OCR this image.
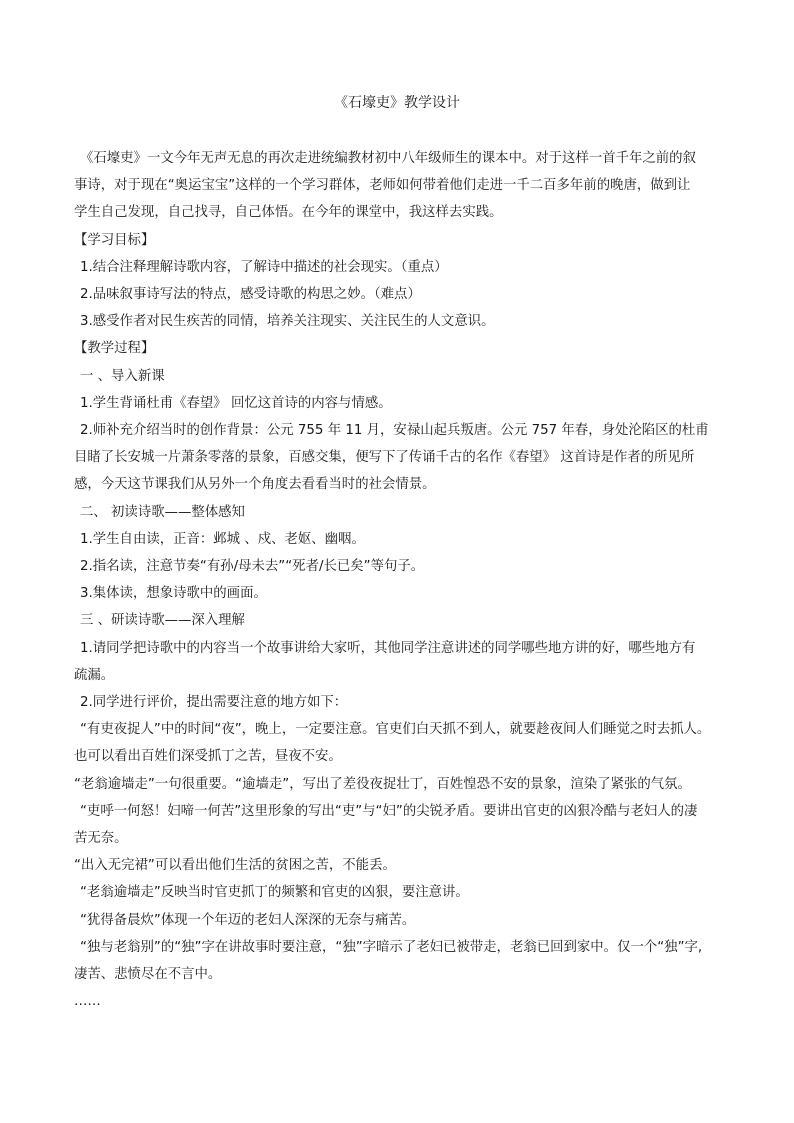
《石壕吏》教学设计

《石壕吏》一文今年无声无息的再次走进统编教材初中八年级师生的课本中。对于这样一首千年之前的叙

事诗，对于现在“奥运宝宝”这样的一个学习群体，老师如何带着他们走进一千二百多年前的晚唐，做到让

学生自己发现，自己找寻，自己体悟。在今年的课堂中，我这样去实践。

【学习目标】

1.结合注释理解诗歌内容，了解诗中描述的社会现实。（重点）

2.品味叙事诗写法的特点，感受诗歌的构思之妙。（难点）

3.感受作者对民生疾苦的同情，培养关注现实、关注民生的人文意识。

【教学过程】

一 、导入新课

1.学生背诵杜甫《春望》 回忆这首诗的内容与情感。

2.师补充介绍当时的创作背景：公元 755 年 11 月，安禄山起兵叛唐。公元 757 年春，身处沦陷区的杜甫

目睹了长安城一片萧条零落的景象，百感交集，便写下了传诵千古的名作《春望》 这首诗是作者的所见所

感，今天这节课我们从另外一个角度去看看当时的社会情景。

二、 初读诗歌——整体感知

1.学生自由读，正音：邺城 、戍、老妪、幽咽。

2.指名读，注意节奏“有孙/母未去”“死者/长已矣”等句子。

3.集体读，想象诗歌中的画面。

三 、研读诗歌——深入理解

1.请同学把诗歌中的内容当一个故事讲给大家听，其他同学注意讲述的同学哪些地方讲的好，哪些地方有

疏漏。

2.同学进行评价，提出需要注意的地方如下：

“有吏夜捉人”中的时间“夜”，晚上，一定要注意。官吏们白天抓不到人，就要趁夜间人们睡觉之时去抓人。

也可以看出百姓们深受抓丁之苦，昼夜不安。

“老翁逾墙走”一句很重要。“逾墙走”，写出了差役夜捉壮丁，百姓惶恐不安的景象，渲染了紧张的气氛。

“吏呼一何怒！妇啼一何苦”这里形象的写出“吏”与“妇”的尖锐矛盾。要讲出官吏的凶狠冷酷与老妇人的凄

苦无奈。

“出入无完裙”可以看出他们生活的贫困之苦，不能丢。

“老翁逾墙走”反映当时官吏抓丁的频繁和官吏的凶狠，要注意讲。

“犹得备晨炊”体现一个年迈的老妇人深深的无奈与痛苦。

“独与老翁别”的“独”字在讲故事时要注意，“独”字暗示了老妇已被带走，老翁已回到家中。仅一个“独”字,

凄苦、悲愤尽在不言中。

……
